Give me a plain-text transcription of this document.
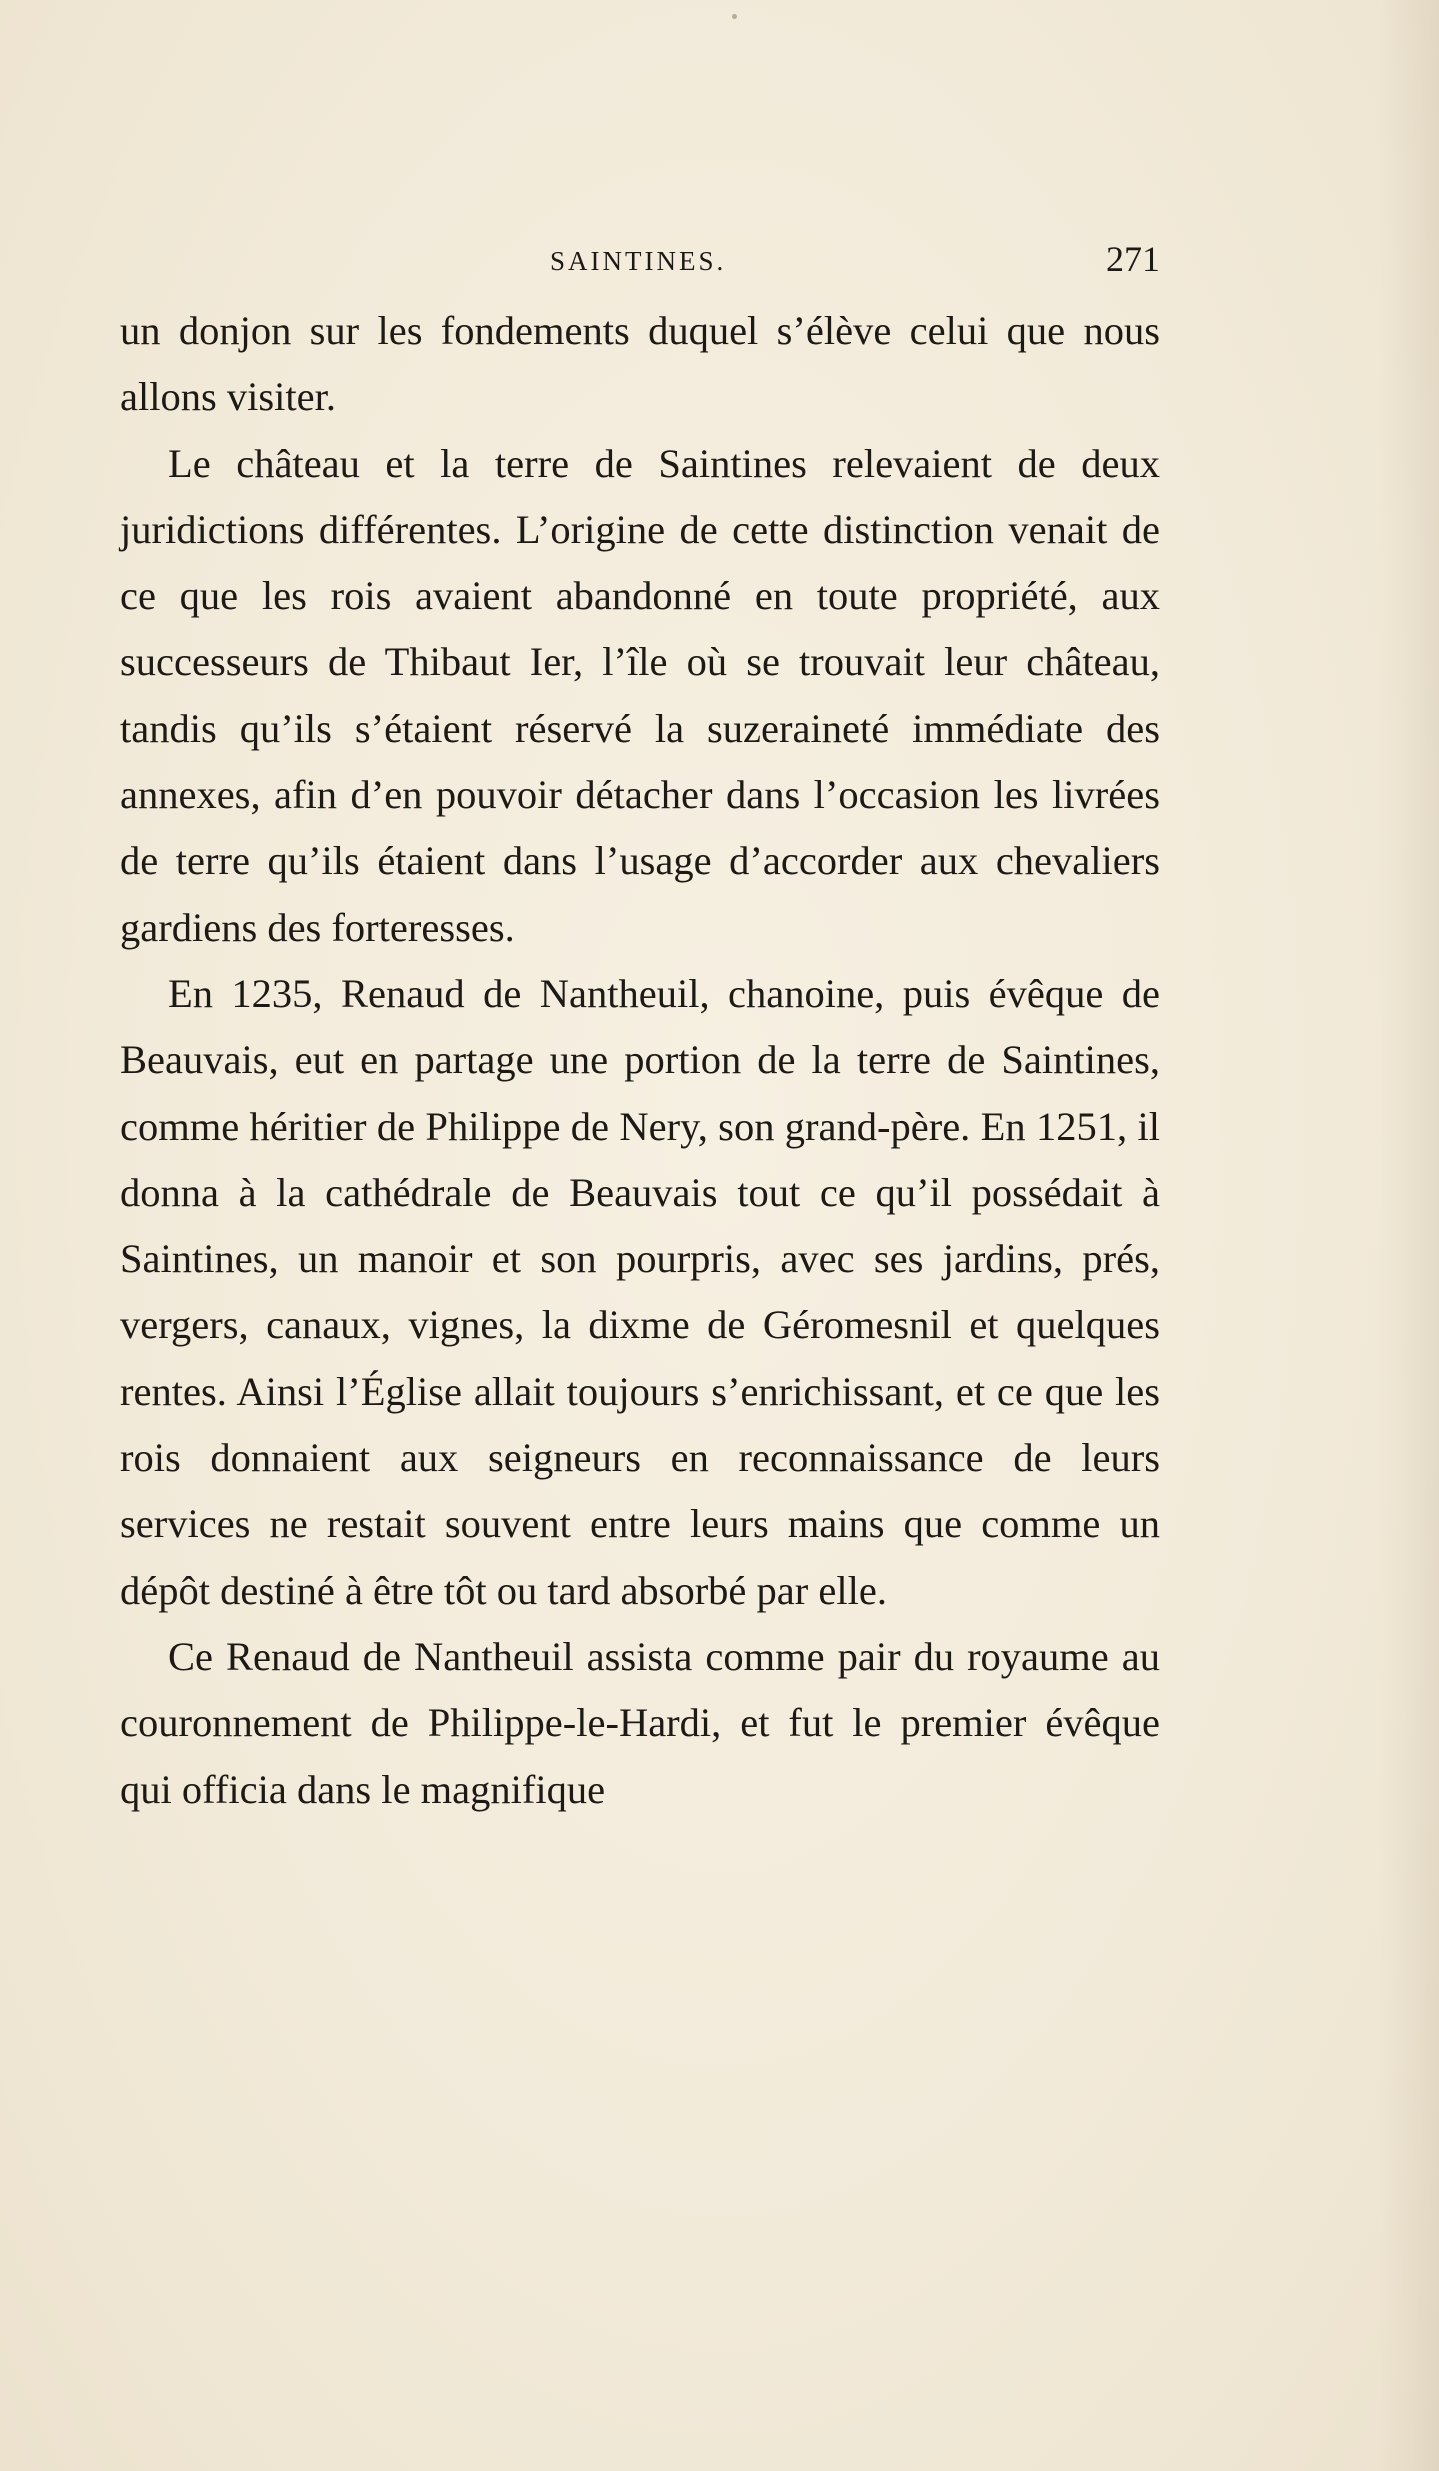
SAINTINES.	271

un donjon sur les fondements duquel s’élève celui que nous allons visiter.

Le château et la terre de Saintines relevaient de deux juridictions différentes. L’origine de cette distinction venait de ce que les rois avaient abandonné en toute propriété, aux successeurs de Thibaut Ier, l’île où se trouvait leur château, tandis qu’ils s’étaient réservé la suzeraineté immédiate des annexes, afin d’en pouvoir détacher dans l’occasion les livrées de terre qu’ils étaient dans l’usage d’accorder aux chevaliers gardiens des forteresses.

En 1235, Renaud de Nantheuil, chanoine, puis évêque de Beauvais, eut en partage une portion de la terre de Saintines, comme héritier de Philippe de Nery, son grand-père. En 1251, il donna à la cathédrale de Beauvais tout ce qu’il possédait à Saintines, un manoir et son pourpris, avec ses jardins, prés, vergers, canaux, vignes, la dixme de Géromesnil et quelques rentes. Ainsi l’Église allait toujours s’enrichissant, et ce que les rois donnaient aux seigneurs en reconnaissance de leurs services ne restait souvent entre leurs mains que comme un dépôt destiné à être tôt ou tard absorbé par elle.

Ce Renaud de Nantheuil assista comme pair du royaume au couronnement de Philippe-le-Hardi, et fut le premier évêque qui officia dans le magnifique
